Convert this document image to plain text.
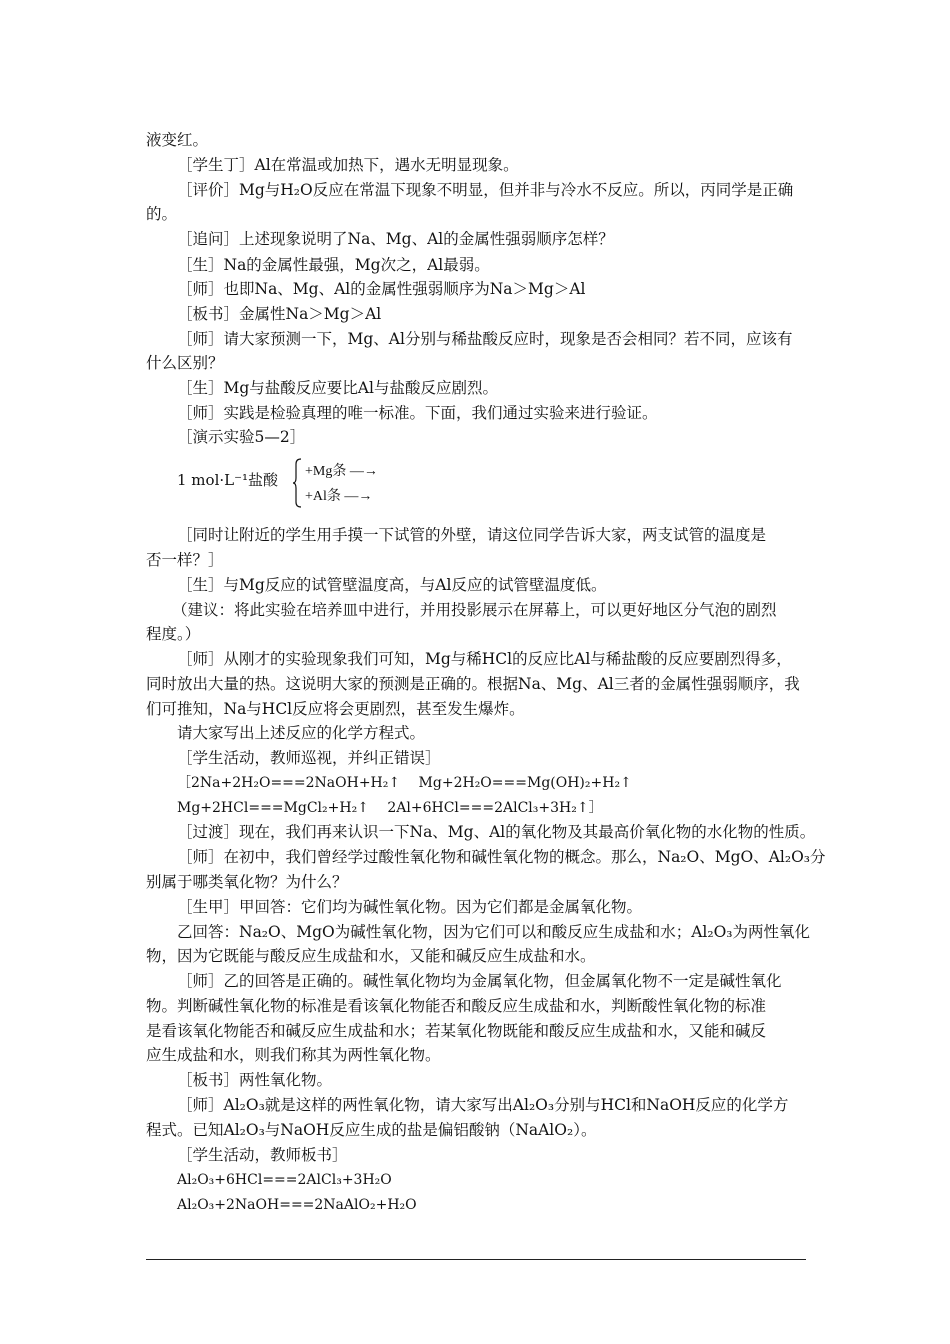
液变红。
［学生丁］Al在常温或加热下，遇水无明显现象。
［评价］Mg与H₂O反应在常温下现象不明显，但并非与冷水不反应。所以，丙同学是正确
的。
［追问］上述现象说明了Na、Mg、Al的金属性强弱顺序怎样？
［生］Na的金属性最强，Mg次之，Al最弱。
［师］也即Na、Mg、Al的金属性强弱顺序为Na＞Mg＞Al
［板书］金属性Na＞Mg＞Al
［师］请大家预测一下，Mg、Al分别与稀盐酸反应时，现象是否会相同？若不同，应该有
什么区别？
［生］Mg与盐酸反应要比Al与盐酸反应剧烈。
［师］实践是检验真理的唯一标准。下面，我们通过实验来进行验证。
［演示实验5—2］
1 mol·L⁻¹盐酸 +Mg条 —→
+Al条 —→
［同时让附近的学生用手摸一下试管的外壁，请这位同学告诉大家，两支试管的温度是
否一样？］
［生］与Mg反应的试管壁温度高，与Al反应的试管壁温度低。
（建议：将此实验在培养皿中进行，并用投影展示在屏幕上，可以更好地区分气泡的剧烈
程度。）
［师］从刚才的实验现象我们可知，Mg与稀HCl的反应比Al与稀盐酸的反应要剧烈得多，
同时放出大量的热。这说明大家的预测是正确的。根据Na、Mg、Al三者的金属性强弱顺序，我
们可推知，Na与HCl反应将会更剧烈，甚至发生爆炸。
请大家写出上述反应的化学方程式。
［学生活动，教师巡视，并纠正错误］
［2Na+2H₂O===2NaOH+H₂↑　 Mg+2H₂O===Mg(OH)₂+H₂↑
Mg+2HCl===MgCl₂+H₂↑　 2Al+6HCl===2AlCl₃+3H₂↑］
［过渡］现在，我们再来认识一下Na、Mg、Al的氧化物及其最高价氧化物的水化物的性质。
［师］在初中，我们曾经学过酸性氧化物和碱性氧化物的概念。那么，Na₂O、MgO、Al₂O₃分
别属于哪类氧化物？为什么？
［生甲］甲回答：它们均为碱性氧化物。因为它们都是金属氧化物。
乙回答：Na₂O、MgO为碱性氧化物，因为它们可以和酸反应生成盐和水；Al₂O₃为两性氧化
物，因为它既能与酸反应生成盐和水，又能和碱反应生成盐和水。
［师］乙的回答是正确的。碱性氧化物均为金属氧化物，但金属氧化物不一定是碱性氧化
物。判断碱性氧化物的标准是看该氧化物能否和酸反应生成盐和水，判断酸性氧化物的标准
是看该氧化物能否和碱反应生成盐和水；若某氧化物既能和酸反应生成盐和水，又能和碱反
应生成盐和水，则我们称其为两性氧化物。
［板书］两性氧化物。
［师］Al₂O₃就是这样的两性氧化物，请大家写出Al₂O₃分别与HCl和NaOH反应的化学方
程式。已知Al₂O₃与NaOH反应生成的盐是偏铝酸钠（NaAlO₂）。
［学生活动，教师板书］
Al₂O₃+6HCl===2AlCl₃+3H₂O
Al₂O₃+2NaOH===2NaAlO₂+H₂O
